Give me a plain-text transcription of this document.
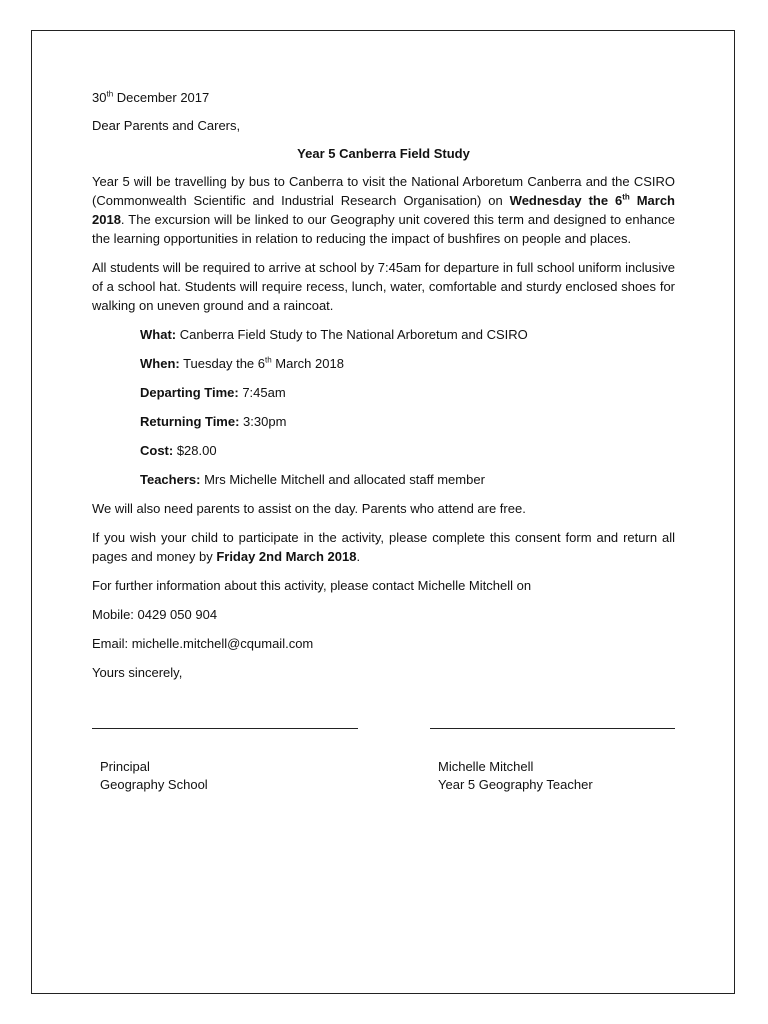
30th December 2017

Dear Parents and Carers,

Year 5 Canberra Field Study

Year 5 will be travelling by bus to Canberra to visit the National Arboretum Canberra and the CSIRO (Commonwealth Scientific and Industrial Research Organisation) on Wednesday the 6th March 2018. The excursion will be linked to our Geography unit covered this term and designed to enhance the learning opportunities in relation to reducing the impact of bushfires on people and places.

All students will be required to arrive at school by 7:45am for departure in full school uniform inclusive of a school hat. Students will require recess, lunch, water, comfortable and sturdy enclosed shoes for walking on uneven ground and a raincoat.

What: Canberra Field Study to The National Arboretum and CSIRO

When: Tuesday the 6th March 2018

Departing Time: 7:45am

Returning Time: 3:30pm

Cost: $28.00

Teachers: Mrs Michelle Mitchell and allocated staff member

We will also need parents to assist on the day. Parents who attend are free.

If you wish your child to participate in the activity, please complete this consent form and return all pages and money by Friday 2nd March 2018.

For further information about this activity, please contact Michelle Mitchell on

Mobile: 0429 050 904

Email: michelle.mitchell@cqumail.com

Yours sincerely,

Principal
Geography School
Michelle Mitchell
Year 5 Geography Teacher
